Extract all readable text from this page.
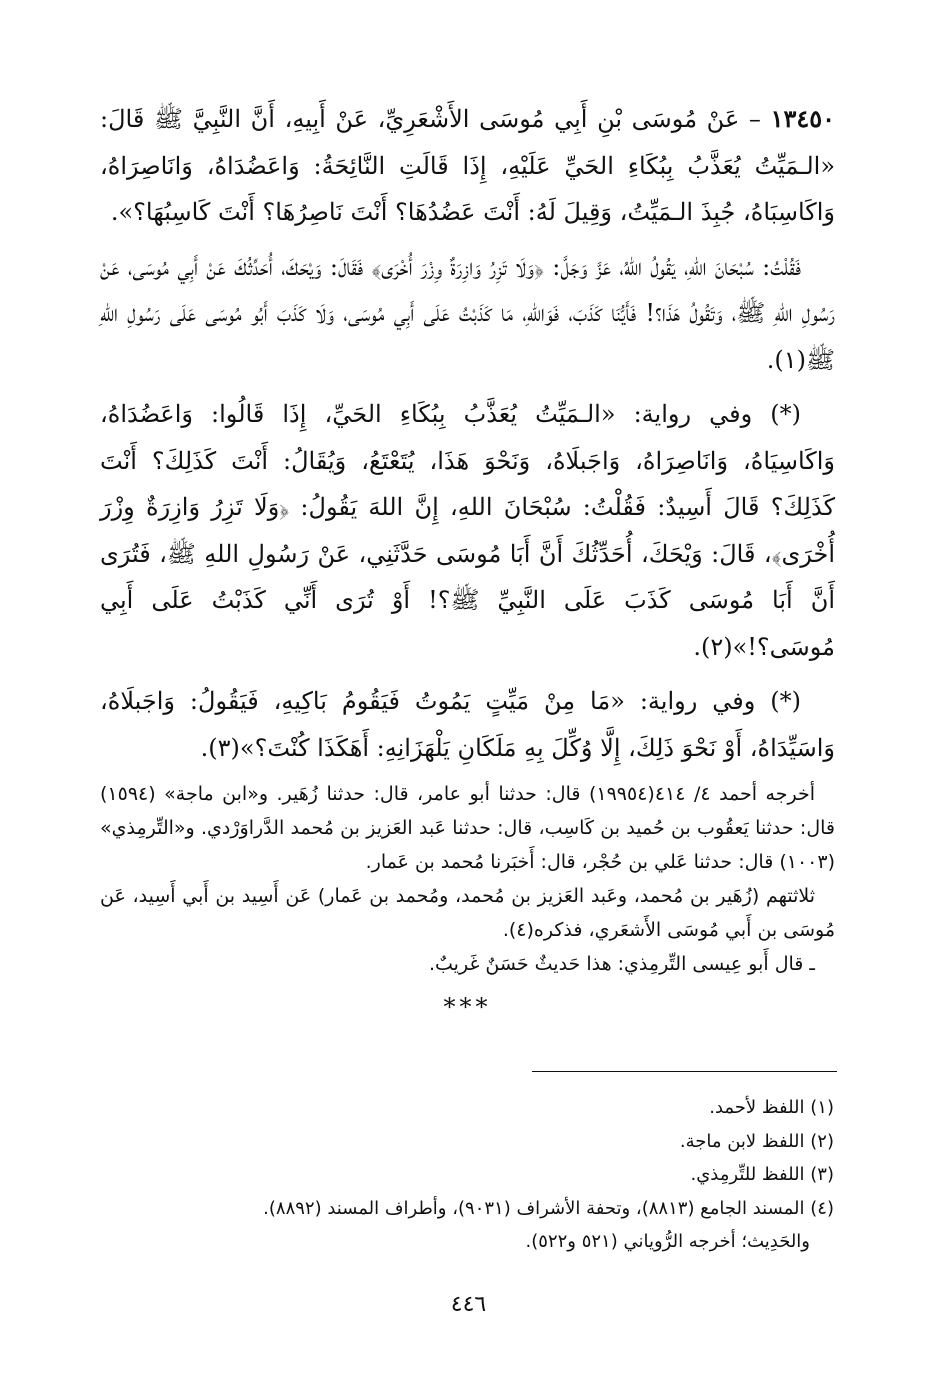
١٣٤٥٠ – عَنْ مُوسَى بْنِ أَبِي مُوسَى الأَشْعَرِيِّ، عَنْ أَبِيهِ، أَنَّ النَّبِيَّ ﷺ قَالَ: «الـمَيِّتُ يُعَذَّبُ بِبُكَاءِ الحَيِّ عَلَيْهِ، إِذَا قَالَتِ النَّائِحَةُ: وَاعَضُدَاهُ، وَانَاصِرَاهُ، وَاكَاسِبَاهُ، جُبِذَ الـمَيِّتُ، وَقِيلَ لَهُ: أَنْتَ عَضُدُهَا؟ أَنْتَ نَاصِرُهَا؟ أَنْتَ كَاسِبُهَا؟».

فَقُلْتُ: سُبْحَانَ اللهِ، يَقُولُ اللهُ، عَزَّ وَجَلَّ: ﴿وَلَا تَزِرُ وَازِرَةٌ وِزْرَ أُخْرَى﴾ فَقَالَ: وَيْحَكَ، أُحَدِّثُكَ عَنْ أَبِي مُوسَى، عَنْ رَسُولِ اللهِ ﷺ، وَتَقُولُ هَذَا؟! فَأَيُّنَا كَذَبَ، فَوَاللهِ، مَا كَذَبْتُ عَلَى أَبِي مُوسَى، وَلَا كَذَبَ أَبُو مُوسَى عَلَى رَسُولِ اللهِ ﷺ(١).

(*) وفي رواية: «الـمَيِّتُ يُعَذَّبُ بِبُكَاءِ الحَيِّ، إِذَا قَالُوا: وَاعَضُدَاهُ، وَاكَاسِيَاهُ، وَانَاصِرَاهُ، وَاجَبلَاهُ، وَنَحْوَ هَذَا، يُتَعْتَعُ، وَيُقَالُ: أَنْتَ كَذَلِكَ؟ أَنْتَ كَذَلِكَ؟ قَالَ أَسِيدٌ: فَقُلْتُ: سُبْحَانَ اللهِ، إِنَّ اللهَ يَقُولُ: ﴿وَلَا تَزِرُ وَازِرَةٌ وِزْرَ أُخْرَى﴾، قَالَ: وَيْحَكَ، أُحَدِّثُكَ أَنَّ أَبَا مُوسَى حَدَّثَنِي، عَنْ رَسُولِ اللهِ ﷺ، فَتُرَى أَنَّ أَبَا مُوسَى كَذَبَ عَلَى النَّبِيِّ ﷺ؟! أَوْ تُرَى أَنِّي كَذَبْتُ عَلَى أَبِي مُوسَى؟!»(٢).

(*) وفي رواية: «مَا مِنْ مَيِّتٍ يَمُوتُ فَيَقُومُ بَاكِيهِ، فَيَقُولُ: وَاجَبلَاهُ، وَاسَيِّدَاهُ، أَوْ نَحْوَ ذَلِكَ، إِلَّا وُكِّلَ بِهِ مَلَكَانِ يَلْهَزَانِهِ: أَهَكَذَا كُنْتَ؟»(٣).

أخرجه أحمد ٤/ ٤١٤(١٩٩٥٤) قال: حدثنا أبو عامر، قال: حدثنا زُهَير. و«ابن ماجة» (١٥٩٤) قال: حدثنا يَعقُوب بن حُميد بن كَاسِب، قال: حدثنا عَبد العَزيز بن مُحمد الدَّراوَرْدي. و«التِّرمِذي» (١٠٠٣) قال: حدثنا عَلي بن حُجْر، قال: أَخبَرنا مُحمد بن عَمار.

ثلاثتهم (زُهَير بن مُحمد، وعَبد العَزيز بن مُحمد، ومُحمد بن عَمار) عَن أَسِيد بن أَبي أَسِيد، عَن مُوسَى بن أَبي مُوسَى الأَشعَري، فذكره(٤).

ـ قال أَبو عِيسى التِّرمِذي: هذا حَديثٌ حَسَنٌ غَريبٌ.

***

(١) اللفظ لأحمد.

(٢) اللفظ لابن ماجة.

(٣) اللفظ للتِّرمِذي.

(٤) المسند الجامع (٨٨١٣)، وتحفة الأشراف (٩٠٣١)، وأطراف المسند (٨٨٩٢).

والحَدِيث؛ أخرجه الرُّوياني (٥٢١ و٥٢٢).

٤٤٦
